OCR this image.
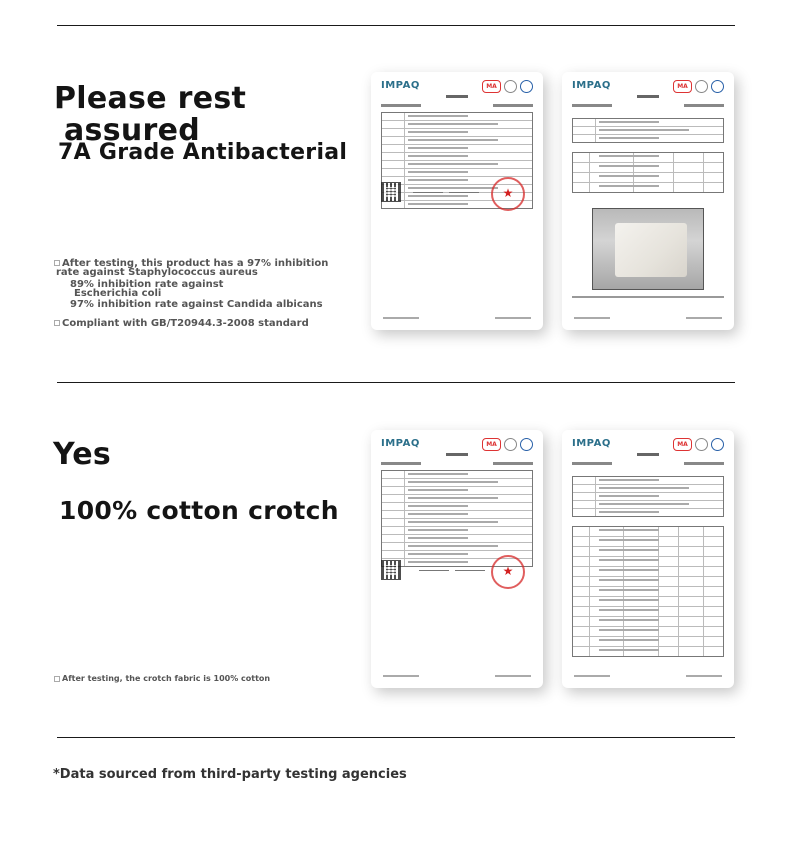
Please rest
assured
7A Grade Antibacterial
After testing, this product has a 97% inhibition
rate against Staphylococcus aureus
89% inhibition rate against
Escherichia coli
97% inhibition rate against Candida albicans
Compliant with GB/T20944.3-2008 standard
IMPAQ	MA
★
IMPAQ	MA
Yes
100% cotton crotch
After testing, the crotch fabric is 100% cotton
IMPAQ	MA
★
IMPAQ	MA
*Data sourced from third-party testing agencies
